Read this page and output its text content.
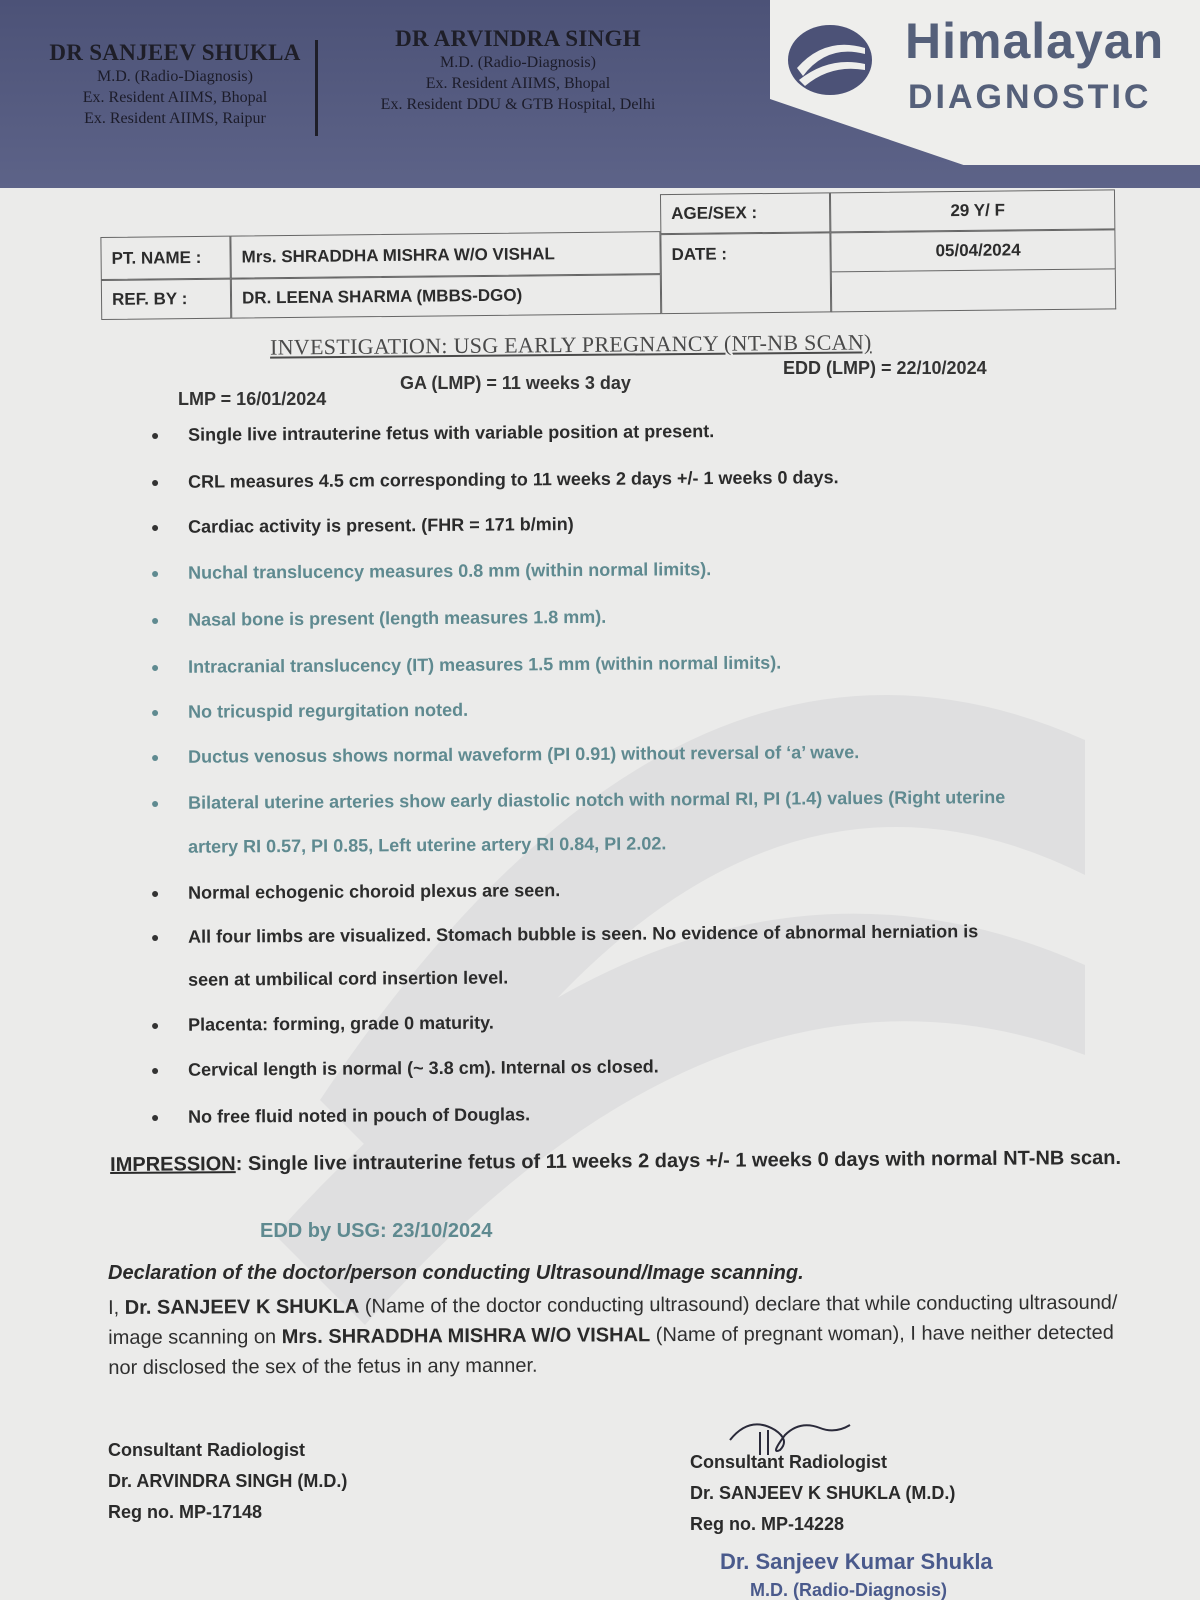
DR SANJEEV SHUKLA
M.D. (Radio-Diagnosis)
Ex. Resident AIIMS, Bhopal
Ex. Resident AIIMS, Raipur
DR ARVINDRA SINGH
M.D. (Radio-Diagnosis)
Ex. Resident AIIMS, Bhopal
Ex. Resident DDU & GTB Hospital, Delhi
Himalayan
DIAGNOSTIC
PT. NAME :	Mrs. SHRADDHA MISHRA W/O VISHAL
REF. BY :	DR. LEENA SHARMA (MBBS-DGO)
AGE/SEX :	29 Y/ F
DATE :	05/04/2024
INVESTIGATION: USG EARLY PREGNANCY (NT-NB SCAN)
LMP = 16/01/2024
GA (LMP) = 11 weeks 3 day
EDD (LMP) = 22/10/2024
Single live intrauterine fetus with variable position at present.
CRL measures 4.5 cm corresponding to 11 weeks 2 days +/- 1 weeks 0 days.
Cardiac activity is present. (FHR = 171 b/min)
Nuchal translucency measures 0.8 mm (within normal limits).
Nasal bone is present (length measures 1.8 mm).
Intracranial translucency (IT) measures 1.5 mm (within normal limits).
No tricuspid regurgitation noted.
Ductus venosus shows normal waveform (PI 0.91) without reversal of ‘a’ wave.
Bilateral uterine arteries show early diastolic notch with normal RI, PI (1.4) values (Right uterine
artery RI 0.57, PI 0.85, Left uterine artery RI 0.84, PI 2.02.
Normal echogenic choroid plexus are seen.
All four limbs are visualized. Stomach bubble is seen. No evidence of abnormal herniation is
seen at umbilical cord insertion level.
Placenta: forming, grade 0 maturity.
Cervical length is normal (~ 3.8 cm). Internal os closed.
No free fluid noted in pouch of Douglas.
IMPRESSION: Single live intrauterine fetus of 11 weeks 2 days +/- 1 weeks 0 days with normal NT-NB scan.
EDD by USG: 23/10/2024
Declaration of the doctor/person conducting Ultrasound/Image scanning.
I, Dr. SANJEEV K SHUKLA (Name of the doctor conducting ultrasound) declare that while conducting ultrasound/ image scanning on Mrs. SHRADDHA MISHRA W/O VISHAL (Name of pregnant woman), I have neither detected nor disclosed the sex of the fetus in any manner.
Consultant Radiologist
Dr. ARVINDRA SINGH (M.D.)
Reg no. MP-17148
Consultant Radiologist
Dr. SANJEEV K SHUKLA (M.D.)
Reg no. MP-14228
Dr. Sanjeev Kumar Shukla
M.D. (Radio-Diagnosis)
